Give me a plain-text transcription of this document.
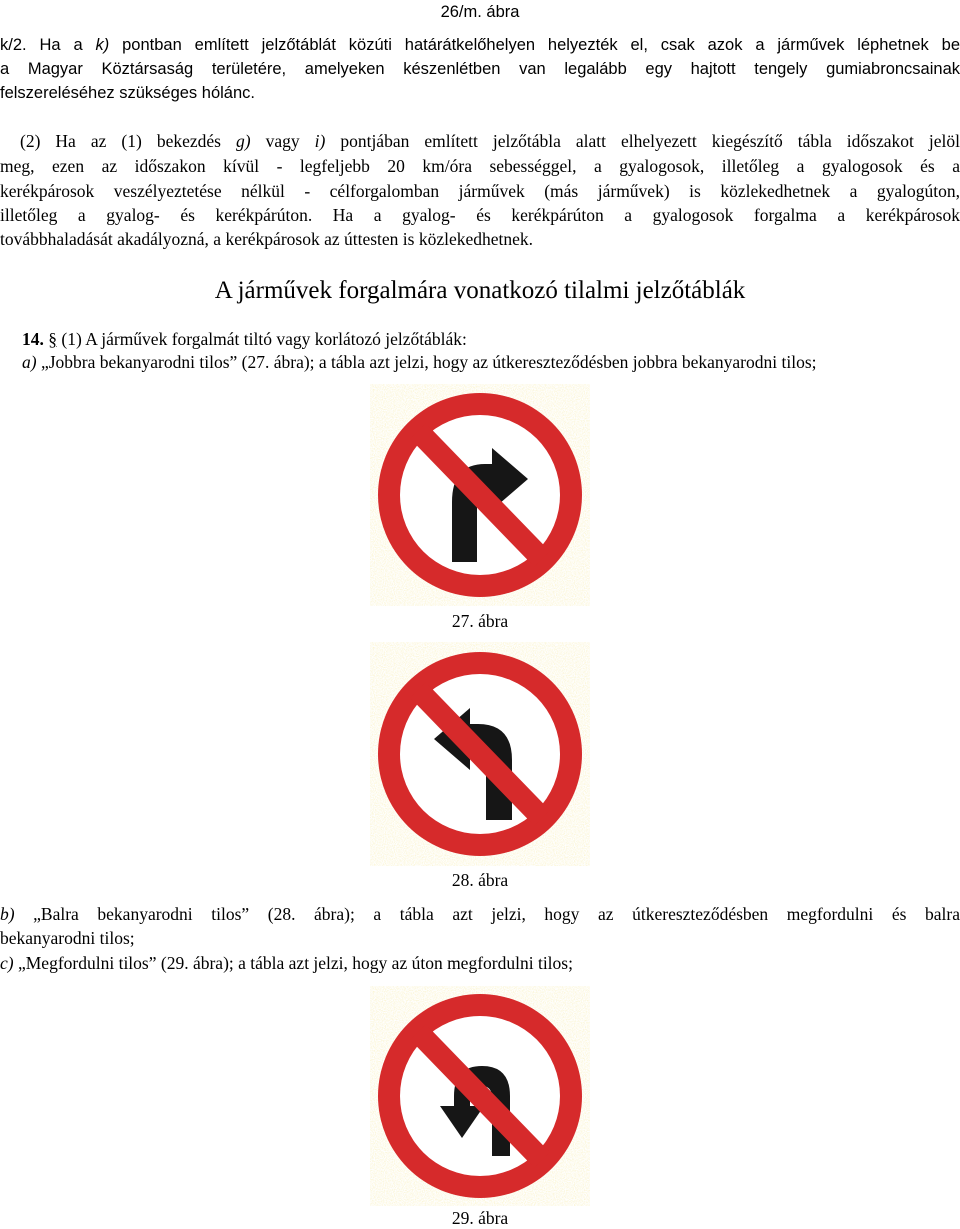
26/m. ábra
k/2. Ha a k) pontban említett jelzőtáblát közúti határátkelőhelyen helyezték el, csak azok a járművek léphetnek be
a Magyar Köztársaság területére, amelyeken készenlétben van legalább egy hajtott tengely gumiabroncsainak
felszereléséhez szükséges hólánc.
(2) Ha az (1) bekezdés g) vagy i) pontjában említett jelzőtábla alatt elhelyezett kiegészítő tábla időszakot jelöl
meg, ezen az időszakon kívül - legfeljebb 20 km/óra sebességgel, a gyalogosok, illetőleg a gyalogosok és a
kerékpárosok veszélyeztetése nélkül - célforgalomban járművek (más járművek) is közlekedhetnek a gyalogúton,
illetőleg a gyalog- és kerékpárúton. Ha a gyalog- és kerékpárúton a gyalogosok forgalma a kerékpárosok
továbbhaladását akadályozná, a kerékpárosok az úttesten is közlekedhetnek.
A járművek forgalmára vonatkozó tilalmi jelzőtáblák
14. § (1) A járművek forgalmát tiltó vagy korlátozó jelzőtáblák:
a) „Jobbra bekanyarodni tilos” (27. ábra); a tábla azt jelzi, hogy az útkereszteződésben jobbra bekanyarodni tilos;
27. ábra
28. ábra
b) „Balra bekanyarodni tilos” (28. ábra); a tábla azt jelzi, hogy az útkereszteződésben megfordulni és balra
bekanyarodni tilos;
c) „Megfordulni tilos” (29. ábra); a tábla azt jelzi, hogy az úton megfordulni tilos;
29. ábra
